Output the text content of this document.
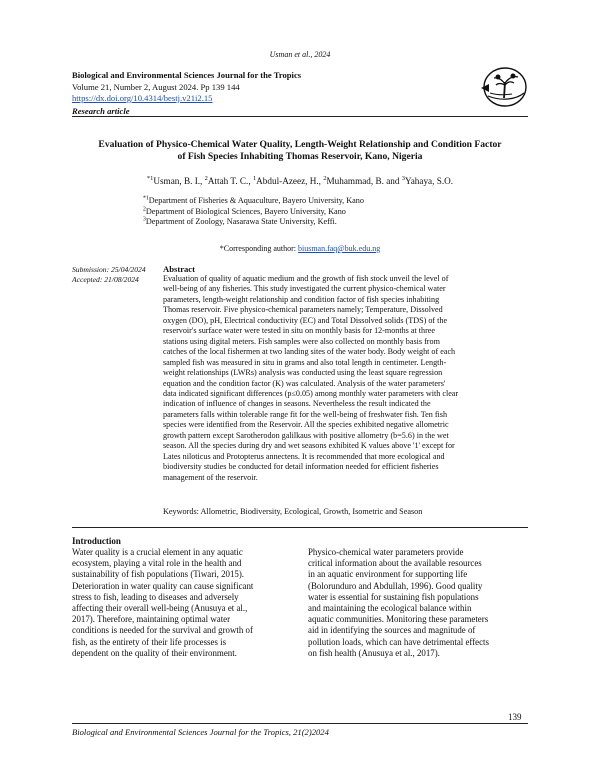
Usman et al., 2024
Biological and Environmental Sciences Journal for the Tropics
Volume 21, Number 2, August 2024. Pp 139 144
https://dx.doi.org/10.4314/bestj.v21i2.15
Research article
Evaluation of Physico-Chemical Water Quality, Length-Weight Relationship and Condition Factor
of Fish Species Inhabiting Thomas Reservoir, Kano, Nigeria
$^{*1}$Usman, B. I., $^2$Attah T. C., $^1$Abdul-Azeez, H., $^2$Muhammad, B. and $^3$Yahaya, S.O.
$^{*1}$Department of Fisheries & Aquaculture, Bayero University, Kano
$^2$Department of Biological Sciences, Bayero University, Kano
$^3$Department of Zoology, Nasarawa State University, Keffi.
*Corresponding author: biusman.faq@buk.edu.ng
Submission: 25/04/2024
Accepted: 21/08/2024
Abstract
Evaluation of quality of aquatic medium and the growth of fish stock unveil the level of
well-being of any fisheries. This study investigated the current physico-chemical water
parameters, length-weight relationship and condition factor of fish species inhabiting
Thomas reservoir. Five physico-chemical parameters namely; Temperature, Dissolved
oxygen (DO), pH, Electrical conductivity (EC) and Total Dissolved solids (TDS) of the
reservoir's surface water were tested in situ on monthly basis for 12-months at three
stations using digital meters. Fish samples were also collected on monthly basis from
catches of the local fishermen at two landing sites of the water body. Body weight of each
sampled fish was measured in situ in grams and also total length in centimeter. Length-
weight relationships (LWRs) analysis was conducted using the least square regression
equation and the condition factor (K) was calculated. Analysis of the water parameters'
data indicated significant differences (p≤0.05) among monthly water parameters with clear
indication of influence of changes in seasons. Nevertheless the result indicated the
parameters falls within tolerable range fit for the well-being of freshwater fish. Ten fish
species were identified from the Reservoir. All the species exhibited negative allometric
growth pattern except Sarotherodon galilkaus with positive allometry (b=5.6) in the wet
season. All the species during dry and wet seasons exhibited K values above '1' except for
Lates niloticus and Protopterus annectens. It is recommended that more ecological and
biodiversity studies be conducted for detail information needed for efficient fisheries
management of the reservoir.
Keywords: Allometric, Biodiversity, Ecological, Growth, Isometric and Season
Introduction
Water quality is a crucial element in any aquatic
ecosystem, playing a vital role in the health and
sustainability of fish populations (Tiwari, 2015).
Deterioration in water quality can cause significant
stress to fish, leading to diseases and adversely
affecting their overall well-being (Anusuya et al.,
2017). Therefore, maintaining optimal water
conditions is needed for the survival and growth of
fish, as the entirety of their life processes is
dependent on the quality of their environment.
Physico-chemical water parameters provide
critical information about the available resources
in an aquatic environment for supporting life
(Bolorunduro and Abdullah, 1996). Good quality
water is essential for sustaining fish populations
and maintaining the ecological balance within
aquatic communities. Monitoring these parameters
aid in identifying the sources and magnitude of
pollution loads, which can have detrimental effects
on fish health (Anusuya et al., 2017).
139
Biological and Environmental Sciences Journal for the Tropics, 21(2)2024
